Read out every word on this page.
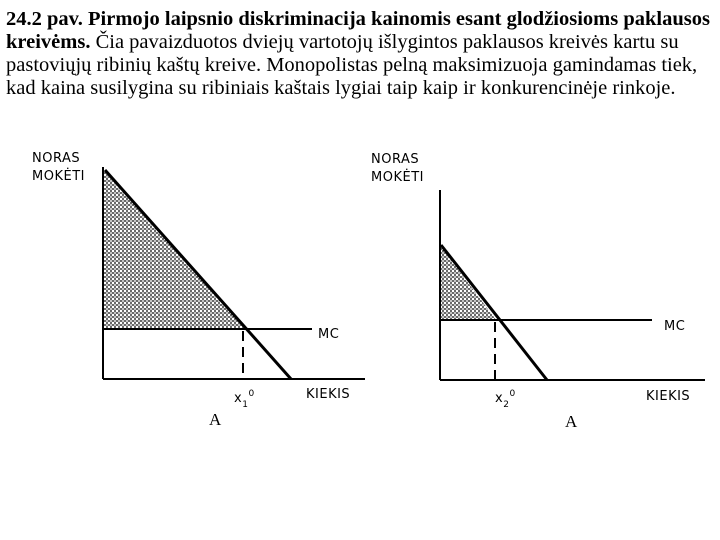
24.2 pav. Pirmojo laipsnio diskriminacija kainomis esant glodžiosioms paklausos kreivėms. Čia pavaizduotos dviejų vartotojų išlygintos paklausos kreivės kartu su pastoviųjų ribinių kaštų kreive. Monopolistas pelną maksimizuoja gamindamas tiek, kad kaina susilygina su ribiniais kaštais lygiai taip kaip ir konkurencinėje rinkoje.

NORAS
MOKĖTI
MC
KIEKIS
$x_1^0$
A
NORAS
MOKĖTI
MC
KIEKIS
$x_2^0$
A
